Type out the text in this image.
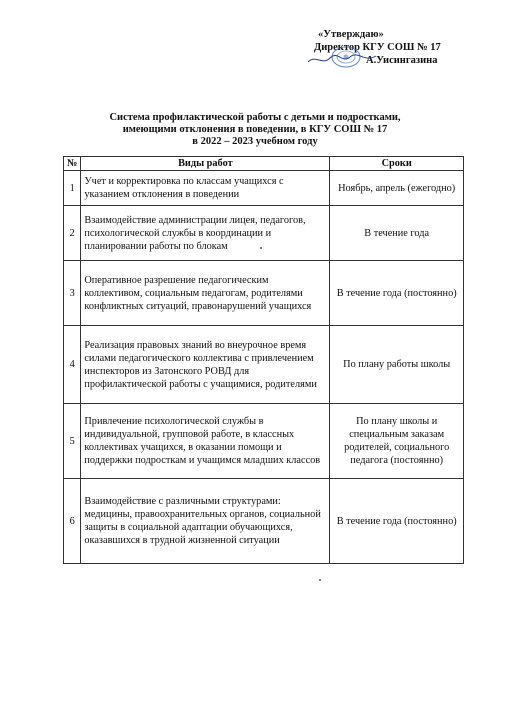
«Утверждаю»
Директор КГУ СОШ № 17
А.Уисингазина
Система профилактической работы с детьми и подростками,
имеющими отклонения в поведении, в КГУ СОШ № 17
в 2022 – 2023 учебном году
№	Виды работ	Сроки
1	Учет и корректировка по классам учащихся с указанием отклонения в поведении	Ноябрь, апрель (ежегодно)
2	Взаимодействие администрации лицея, педагогов, психологической службы в координации и планировании работы по блокам	В течение года
3	Оперативное разрешение педагогическим коллективом, социальным педагогам, родителями конфликтных ситуаций, правонарушений учащихся	В течение года (постоянно)
4	Реализация правовых знаний во внеурочное время силами педагогического коллектива с привлечением инспекторов из Затонского РОВД для профилактической работы с учащимися, родителями	По плану работы школы
5	Привлечение психологической службы в индивидуальной, групповой работе, в классных коллективах учащихся, в оказании помощи и поддержки подросткам и учащимся младших классов	По плану школы и специальным заказам родителей, социального педагога (постоянно)
6	Взаимодействие с различными структурами: медицины, правоохранительных органов, социальной защиты в социальной адаптации обучающихся, оказавшихся в трудной жизненной ситуации	В течение года (постоянно)
